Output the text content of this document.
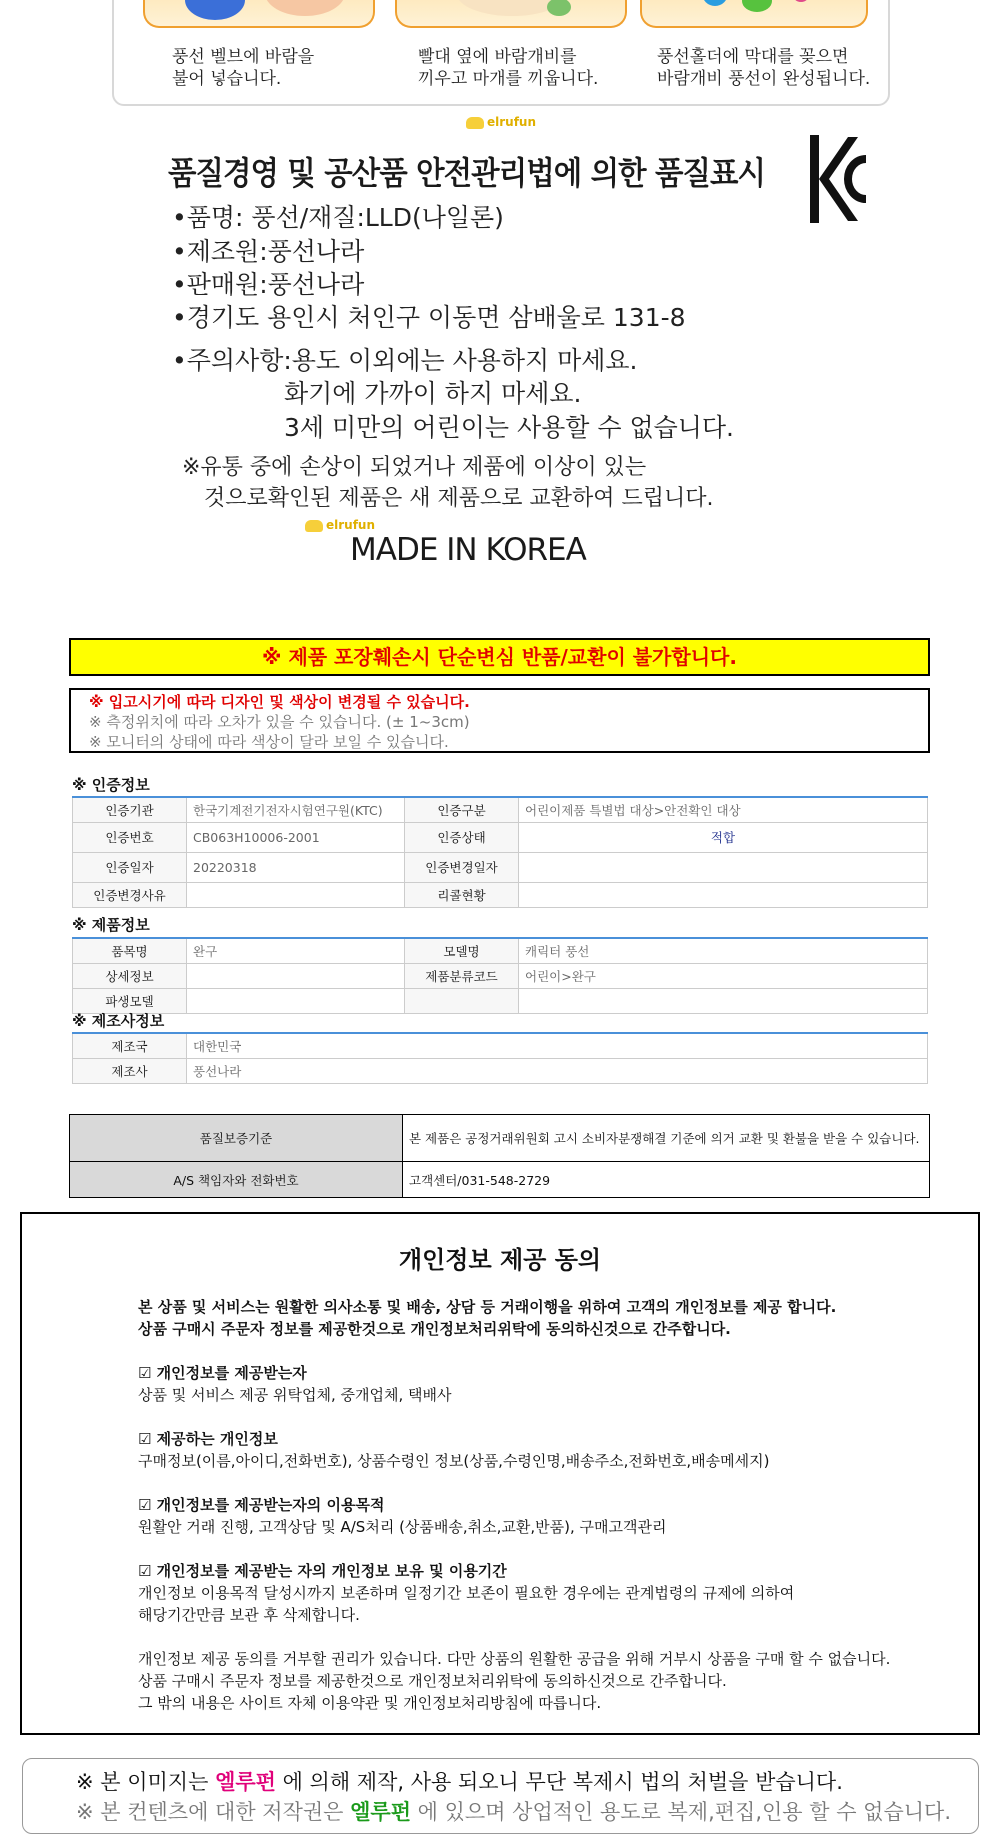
풍선 벨브에 바람을
불어 넣습니다.
빨대 옆에 바람개비를
끼우고 마개를 끼웁니다.
풍선홀더에 막대를 꽂으면
바람개비 풍선이 완성됩니다.
elrufun
품질경영 및 공산품 안전관리법에 의한 품질표시
•품명: 풍선/재질:LLD(나일론)
•제조원:풍선나라
•판매원:풍선나라
•경기도 용인시 처인구 이동면 삼배울로 131-8
•주의사항:용도 이외에는 사용하지 마세요.
화기에 가까이 하지 마세요.
3세 미만의 어린이는 사용할 수 없습니다.
※유통 중에 손상이 되었거나 제품에 이상이 있는
것으로확인된 제품은 새 제품으로 교환하여 드립니다.
elrufun
MADE IN KOREA
※ 제품 포장훼손시 단순변심 반품/교환이 불가합니다.
※ 입고시기에 따라 디자인 및 색상이 변경될 수 있습니다.
※ 측정위치에 따라 오차가 있을 수 있습니다. (± 1~3cm)
※ 모니터의 상태에 따라 색상이 달라 보일 수 있습니다.
※ 인증정보
인증기관	한국기계전기전자시험연구원(KTC)	인증구분	어린이제품 특별법 대상>안전확인 대상
인증번호	CB063H10006-2001	인증상태	적합
인증일자	20220318	인증변경일자	
인증변경사유		리콜현황	
※ 제품정보
품목명	완구	모델명	캐릭터 풍선
상세정보		제품분류코드	어린이>완구
파생모델			
※ 제조사정보
제조국	대한민국
제조사	풍선나라
품질보증기준	본 제품은 공정거래위원회 고시 소비자분쟁해결 기준에 의거 교환 및 환불을 받을 수 있습니다.
A/S 책임자와 전화번호	고객센터/031-548-2729
개인정보 제공 동의
본 상품 및 서비스는 원활한 의사소통 및 배송, 상담 등 거래이행을 위하여 고객의 개인정보를 제공 합니다.
상품 구매시 주문자 정보를 제공한것으로 개인정보처리위탁에 동의하신것으로 간주합니다.
☑ 개인정보를 제공받는자
상품 및 서비스 제공 위탁업체, 중개업체, 택배사
☑ 제공하는 개인정보
구매정보(이름,아이디,전화번호), 상품수령인 정보(상품,수령인명,배송주소,전화번호,배송메세지)
☑ 개인정보를 제공받는자의 이용목적
원활안 거래 진행, 고객상담 및 A/S처리 (상품배송,취소,교환,반품), 구매고객관리
☑ 개인정보를 제공받는 자의 개인정보 보유 및 이용기간
개인정보 이용목적 달성시까지 보존하며 일정기간 보존이 필요한 경우에는 관계법령의 규제에 의하여
해당기간만큼 보관 후 삭제합니다.
개인정보 제공 동의를 거부할 권리가 있습니다. 다만 상품의 원활한 공급을 위해 거부시 상품을 구매 할 수 없습니다.
상품 구매시 주문자 정보를 제공한것으로 개인정보처리위탁에 동의하신것으로 간주합니다.
그 밖의 내용은 사이트 자체 이용약관 및 개인정보처리방침에 따릅니다.
※ 본 이미지는 엘루펀 에 의해 제작, 사용 되오니 무단 복제시 법의 처벌을 받습니다.
※ 본 컨텐츠에 대한 저작권은 엘루펀 에 있으며 상업적인 용도로 복제,편집,인용 할 수 없습니다.
